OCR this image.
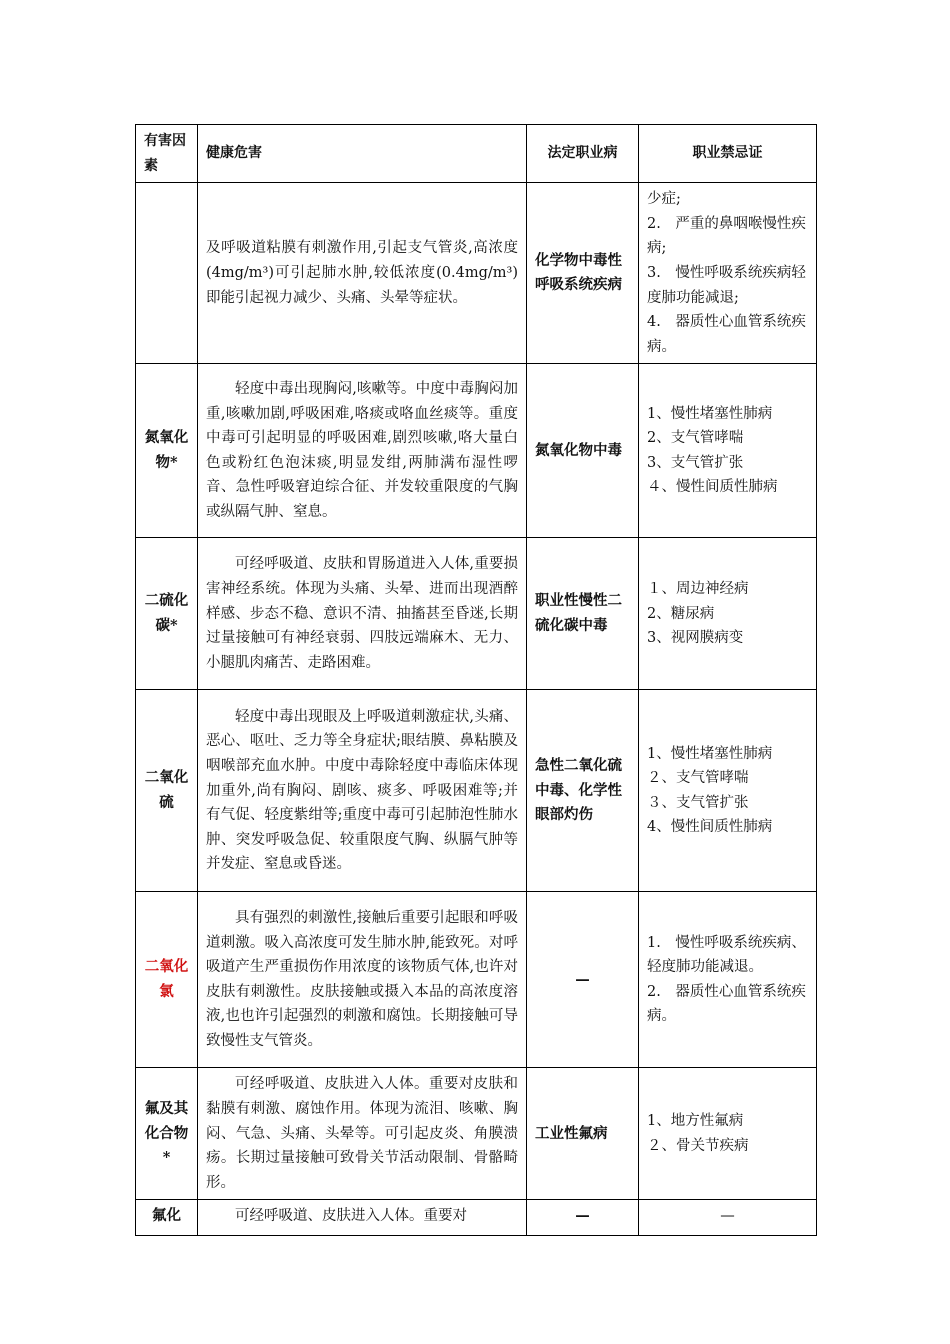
有害因素	健康危害	法定职业病	职业禁忌证
	及呼吸道粘膜有刺激作用,引起支气管炎,高浓度(4mg/m³)可引起肺水肿,较低浓度(0.4mg/m³)即能引起视力减少、头痛、头晕等症状。	化学物中毒性呼吸系统疾病	少症;
2.　严重的鼻咽喉慢性疾病;
3.　慢性呼吸系统疾病轻度肺功能减退;
4.　器质性心血管系统疾病。

氮氧化物*	轻度中毒出现胸闷,咳嗽等。中度中毒胸闷加重,咳嗽加剧,呼吸困难,咯痰或咯血丝痰等。重度中毒可引起明显的呼吸困难,剧烈咳嗽,咯大量白色或粉红色泡沫痰,明显发绀,两肺满布湿性啰音、急性呼吸窘迫综合征、并发较重限度的气胸或纵隔气肿、窒息。	氮氧化物中毒	1、慢性堵塞性肺病
2、支气管哮喘
3、支气管扩张
４、慢性间质性肺病

二硫化碳*	可经呼吸道、皮肤和胃肠道进入人体,重要损害神经系统。体现为头痛、头晕、进而出现酒醉样感、步态不稳、意识不清、抽搐甚至昏迷,长期过量接触可有神经衰弱、四肢远端麻木、无力、小腿肌肉痛苦、走路困难。	职业性慢性二硫化碳中毒	１、周边神经病
2、糖尿病
3、视网膜病变

二氧化硫	轻度中毒出现眼及上呼吸道刺激症状,头痛、恶心、呕吐、乏力等全身症状;眼结膜、鼻粘膜及咽喉部充血水肿。中度中毒除轻度中毒临床体现加重外,尚有胸闷、剧咳、痰多、呼吸困难等;并有气促、轻度紫绀等;重度中毒可引起肺泡性肺水肿、突发呼吸急促、较重限度气胸、纵膈气肿等并发症、窒息或昏迷。	急性二氧化硫中毒、化学性眼部灼伤	1、慢性堵塞性肺病
２、支气管哮喘
３、支气管扩张
4、慢性间质性肺病

二氧化氯	具有强烈的刺激性,接触后重要引起眼和呼吸道刺激。吸入高浓度可发生肺水肿,能致死。对呼吸道产生严重损伤作用浓度的该物质气体,也许对皮肤有刺激性。皮肤接触或摄入本品的高浓度溶液,也也许引起强烈的刺激和腐蚀。长期接触可导致慢性支气管炎。	—	1.　慢性呼吸系统疾病、轻度肺功能减退。
2.　器质性心血管系统疾病。

氟及其化合物*	可经呼吸道、皮肤进入人体。重要对皮肤和黏膜有刺激、腐蚀作用。体现为流泪、咳嗽、胸闷、气急、头痛、头晕等。可引起皮炎、角膜溃疡。长期过量接触可致骨关节活动限制、骨骼畸形。	工业性氟病	1、地方性氟病
２、骨关节疾病

氟化	可经呼吸道、皮肤进入人体。重要对	—	—
